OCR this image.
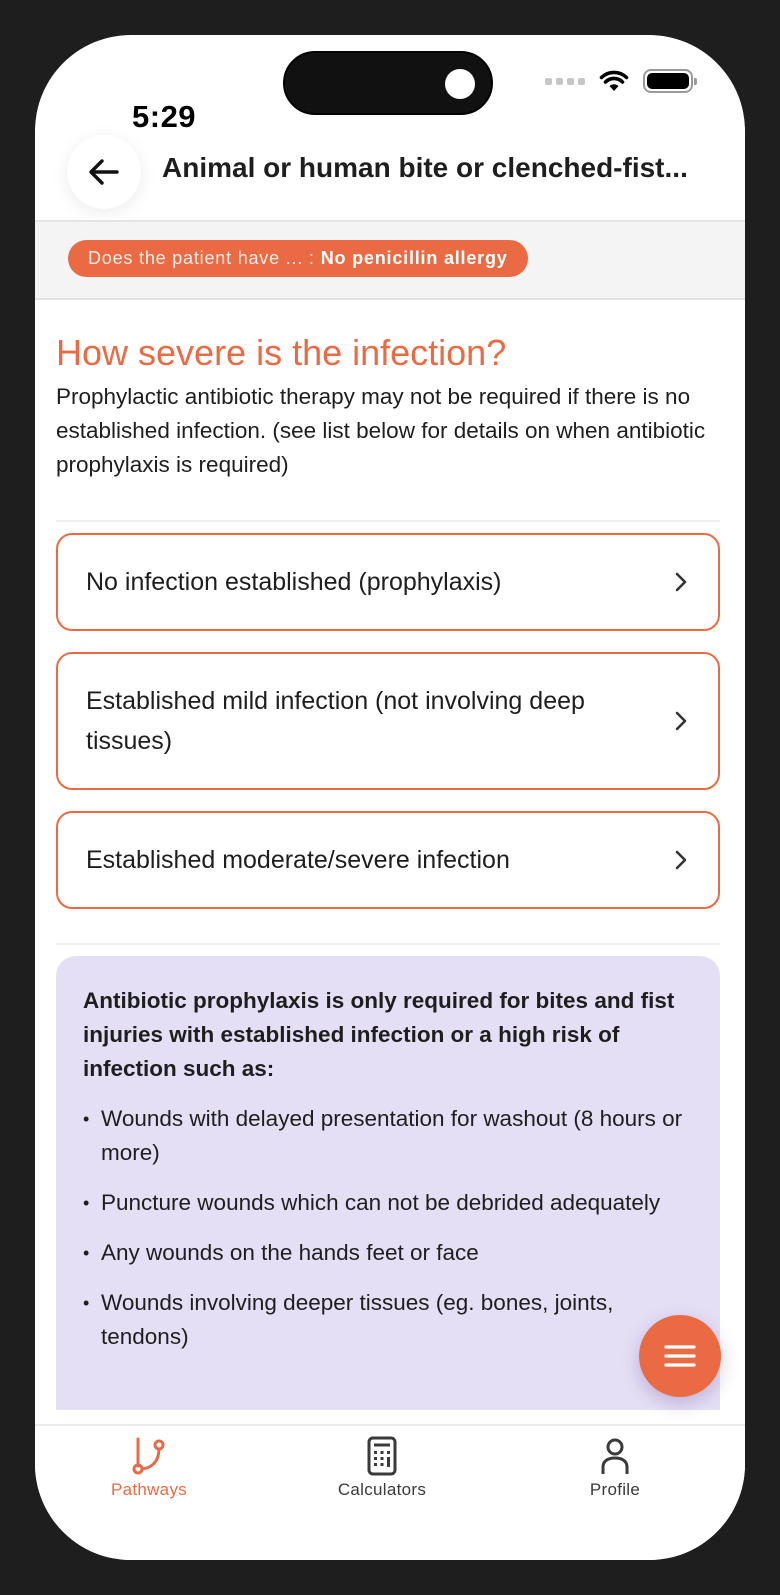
5:29
Animal or human bite or clenched-fist...
Does the patient have ... : No penicillin allergy
How severe is the infection?
Prophylactic antibiotic therapy may not be required if there is no established infection. (see list below for details on when antibiotic prophylaxis is required)
No infection established (prophylaxis)
Established mild infection (not involving deep tissues)
Established moderate/severe infection
Antibiotic prophylaxis is only required for bites and fist injuries with established infection or a high risk of infection such as:
• Wounds with delayed presentation for washout (8 hours or more)
• Puncture wounds which can not be debrided adequately
• Any wounds on the hands feet or face
• Wounds involving deeper tissues (eg. bones, joints, tendons)
Pathways	Calculators	Profile
